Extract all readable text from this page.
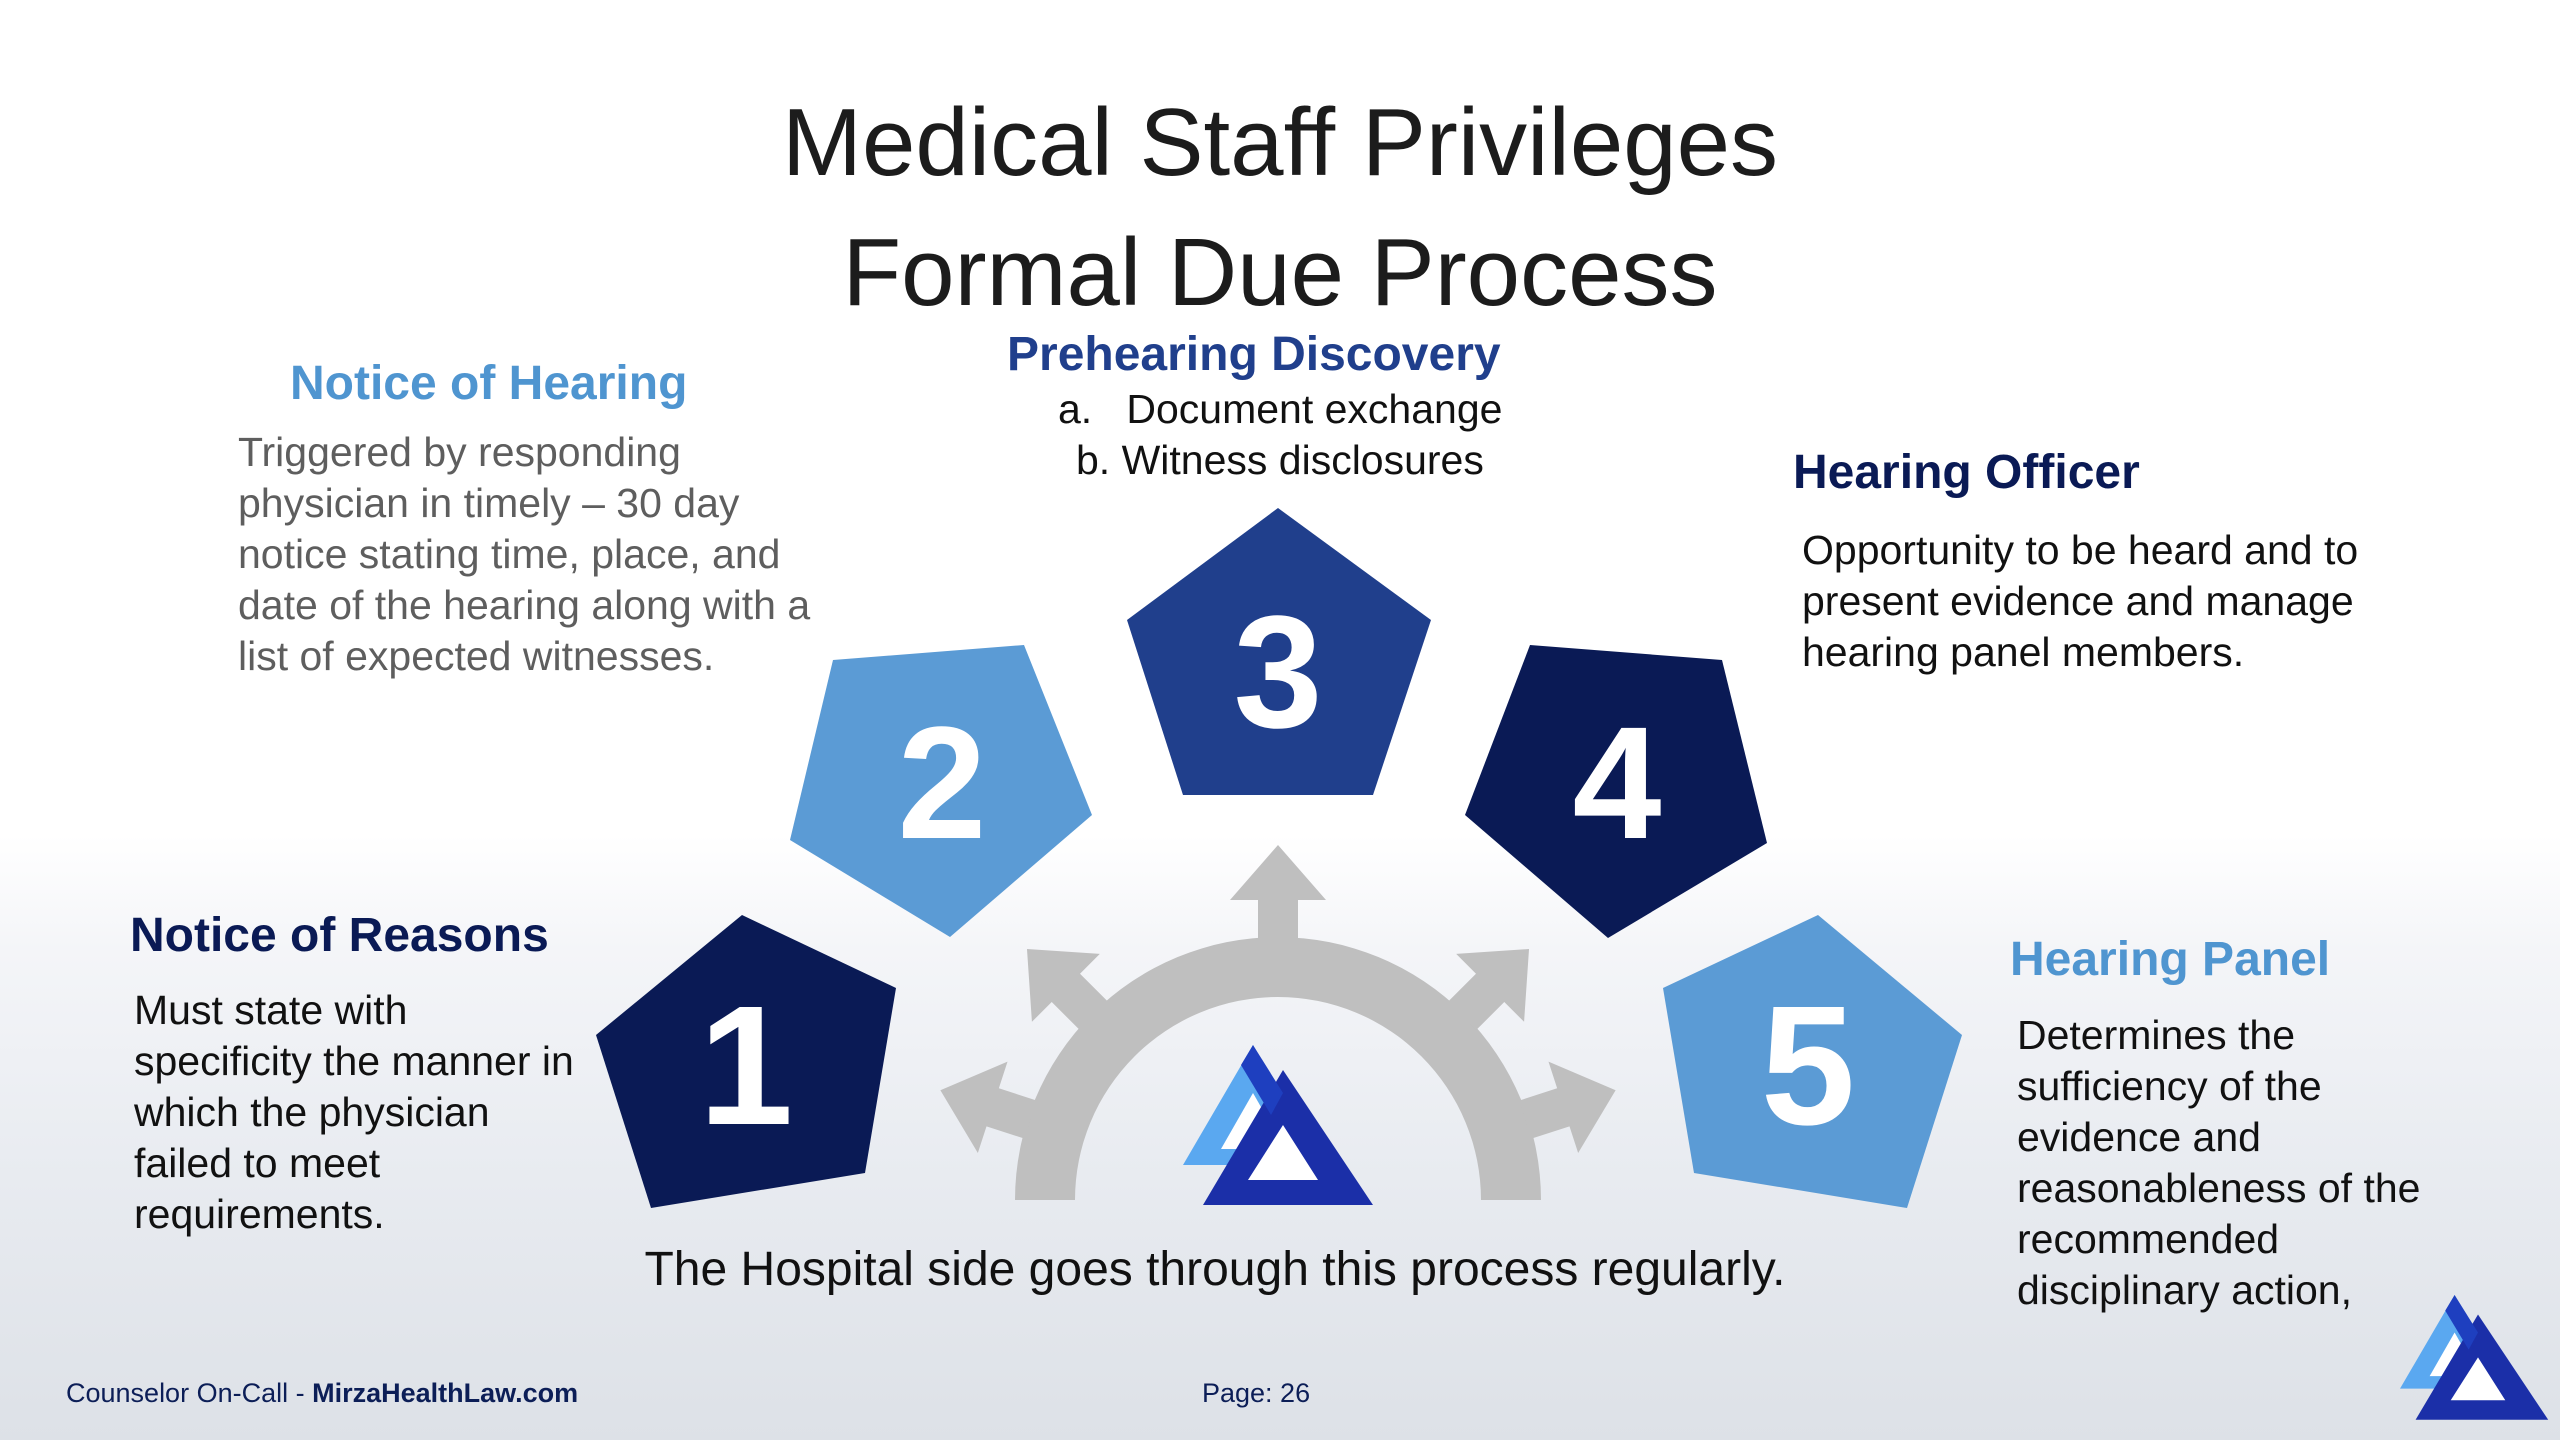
Medical Staff Privileges
Formal Due Process
1
2
3
4
5
Notice of Reasons
Must state with
specificity the manner in
which the physician
failed to meet
requirements.
Notice of Hearing
Triggered by responding
physician in timely – 30 day
notice stating time, place, and
date of the hearing along with a
list of expected witnesses.
Prehearing Discovery
a.   Document exchange
b. Witness disclosures	Hearing Officer
Opportunity to be heard and to
present evidence and manage
hearing panel members.
Hearing Panel
Determines the
sufficiency of the
evidence and
reasonableness of the
recommended
disciplinary action,
The Hospital side goes through this process regularly.
Counselor On-Call - MirzaHealthLaw.com	Page: 26
